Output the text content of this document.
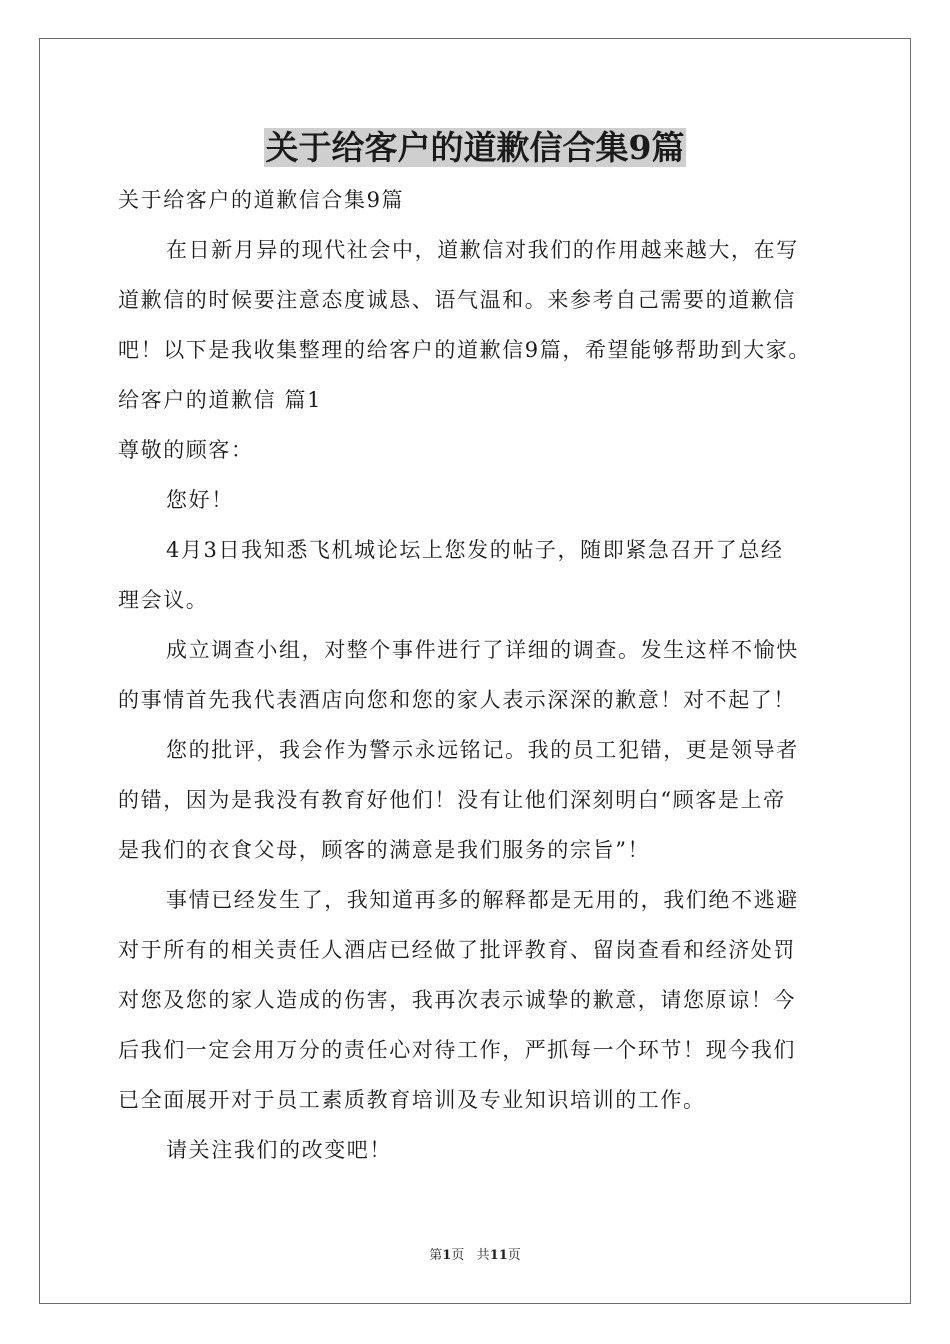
关于给客户的道歉信合集9篇
关于给客户的道歉信合集9篇
在日新月异的现代社会中，道歉信对我们的作用越来越大，在写
道歉信的时候要注意态度诚恳、语气温和。来参考自己需要的道歉信
吧！以下是我收集整理的给客户的道歉信9篇，希望能够帮助到大家。
给客户的道歉信 篇1
尊敬的顾客：
您好！
4月3日我知悉飞机城论坛上您发的帖子，随即紧急召开了总经
理会议。
成立调查小组，对整个事件进行了详细的调查。发生这样不愉快
的事情首先我代表酒店向您和您的家人表示深深的歉意！对不起了！
您的批评，我会作为警示永远铭记。我的员工犯错，更是领导者
的错，因为是我没有教育好他们！没有让他们深刻明白“顾客是上帝
是我们的衣食父母，顾客的满意是我们服务的宗旨”！
事情已经发生了，我知道再多的解释都是无用的，我们绝不逃避
对于所有的相关责任人酒店已经做了批评教育、留岗查看和经济处罚
对您及您的家人造成的伤害，我再次表示诚挚的歉意，请您原谅！今
后我们一定会用万分的责任心对待工作，严抓每一个环节！现今我们
已全面展开对于员工素质教育培训及专业知识培训的工作。
请关注我们的改变吧！
第1页 共11页
